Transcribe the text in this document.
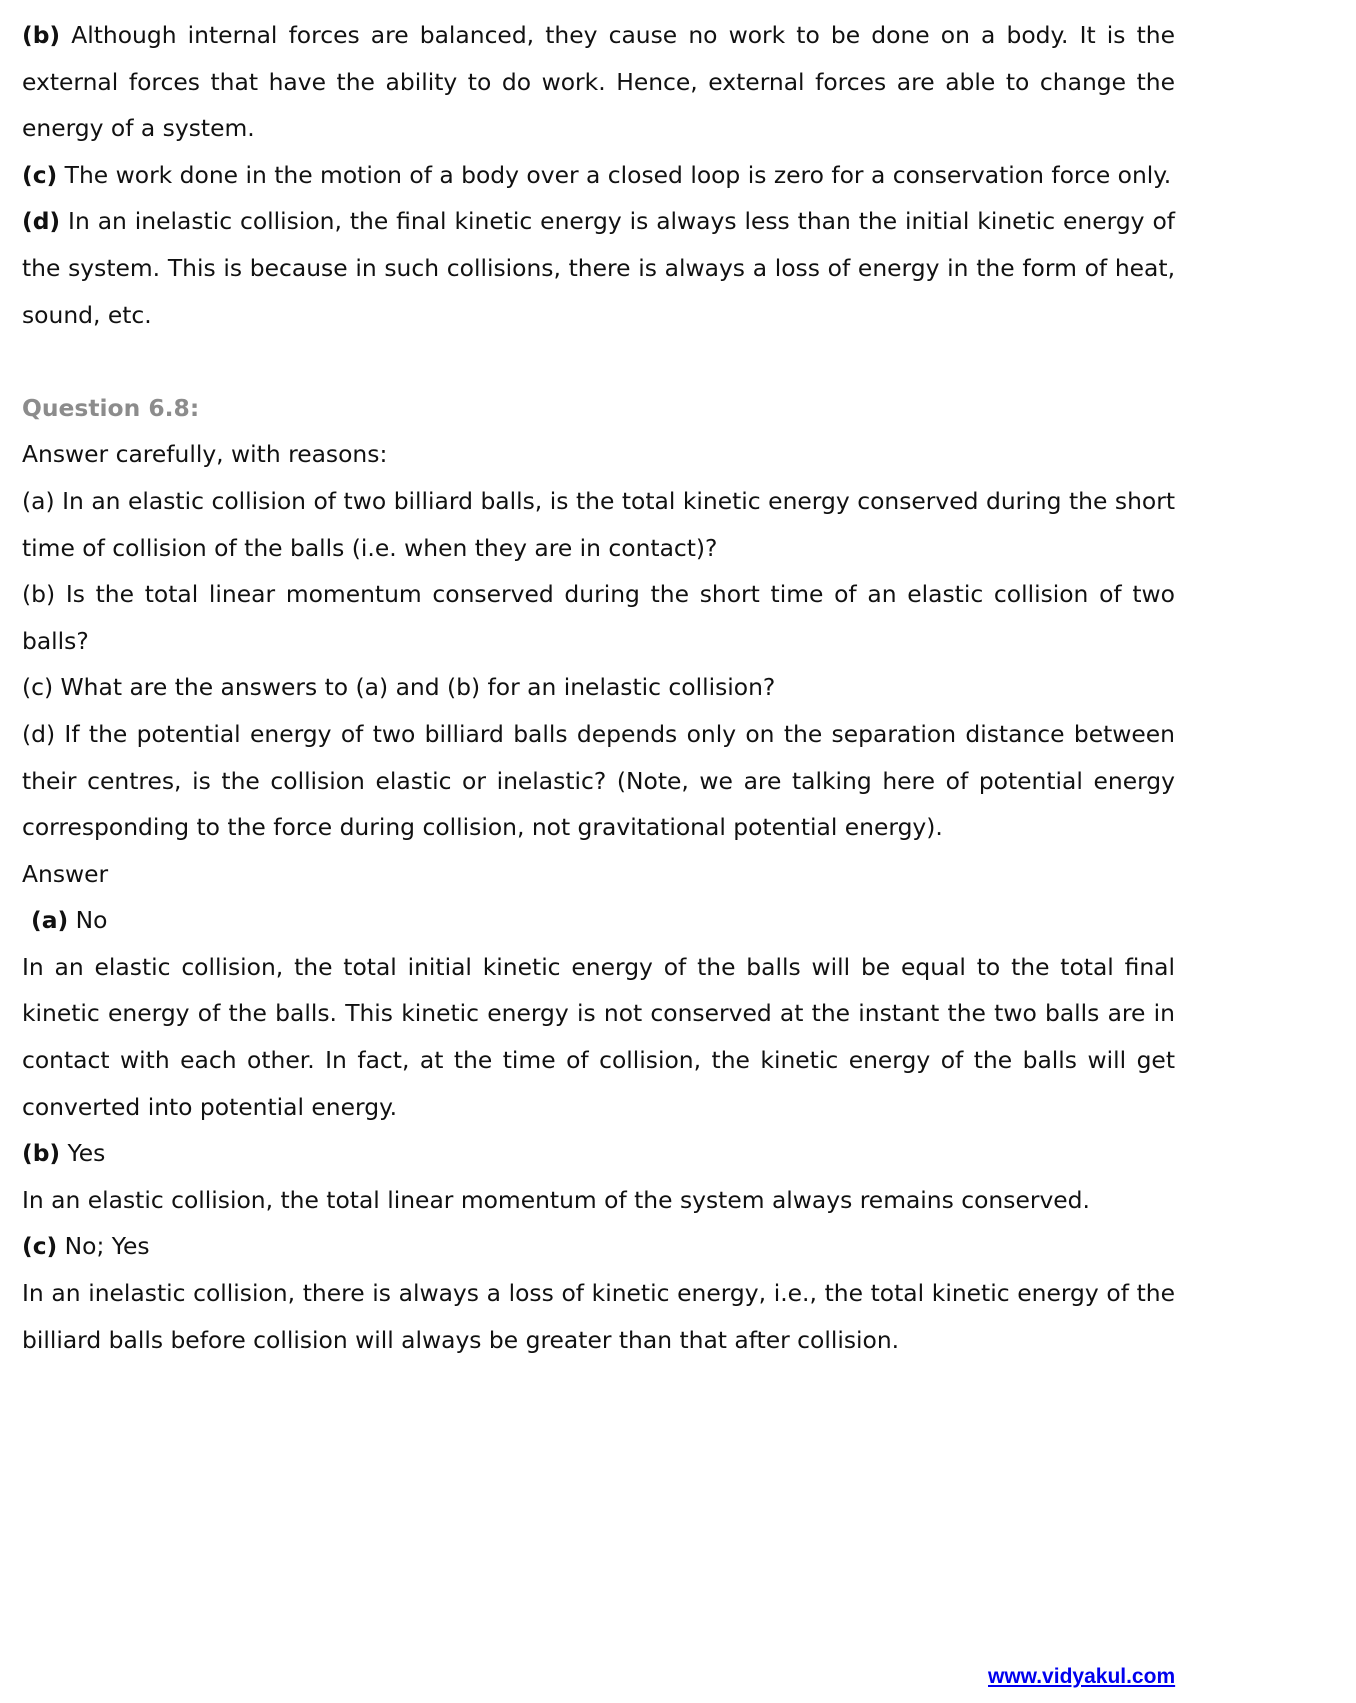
(b) Although internal forces are balanced, they cause no work to be done on a body. It is the external forces that have the ability to do work. Hence, external forces are able to change the energy of a system.

(c) The work done in the motion of a body over a closed loop is zero for a conservation force only.

(d) In an inelastic collision, the final kinetic energy is always less than the initial kinetic energy of the system. This is because in such collisions, there is always a loss of energy in the form of heat, sound, etc.

Question 6.8:

Answer carefully, with reasons:

(a) In an elastic collision of two billiard balls, is the total kinetic energy conserved during the short time of collision of the balls (i.e. when they are in contact)?

(b) Is the total linear momentum conserved during the short time of an elastic collision of two balls?

(c) What are the answers to (a) and (b) for an inelastic collision?

(d) If the potential energy of two billiard balls depends only on the separation distance between their centres, is the collision elastic or inelastic? (Note, we are talking here of potential energy corresponding to the force during collision, not gravitational potential energy).

Answer

(a) No

In an elastic collision, the total initial kinetic energy of the balls will be equal to the total final kinetic energy of the balls. This kinetic energy is not conserved at the instant the two balls are in contact with each other. In fact, at the time of collision, the kinetic energy of the balls will get converted into potential energy.

(b) Yes

In an elastic collision, the total linear momentum of the system always remains conserved.

(c) No; Yes

In an inelastic collision, there is always a loss of kinetic energy, i.e., the total kinetic energy of the billiard balls before collision will always be greater than that after collision.

www.vidyakul.com
